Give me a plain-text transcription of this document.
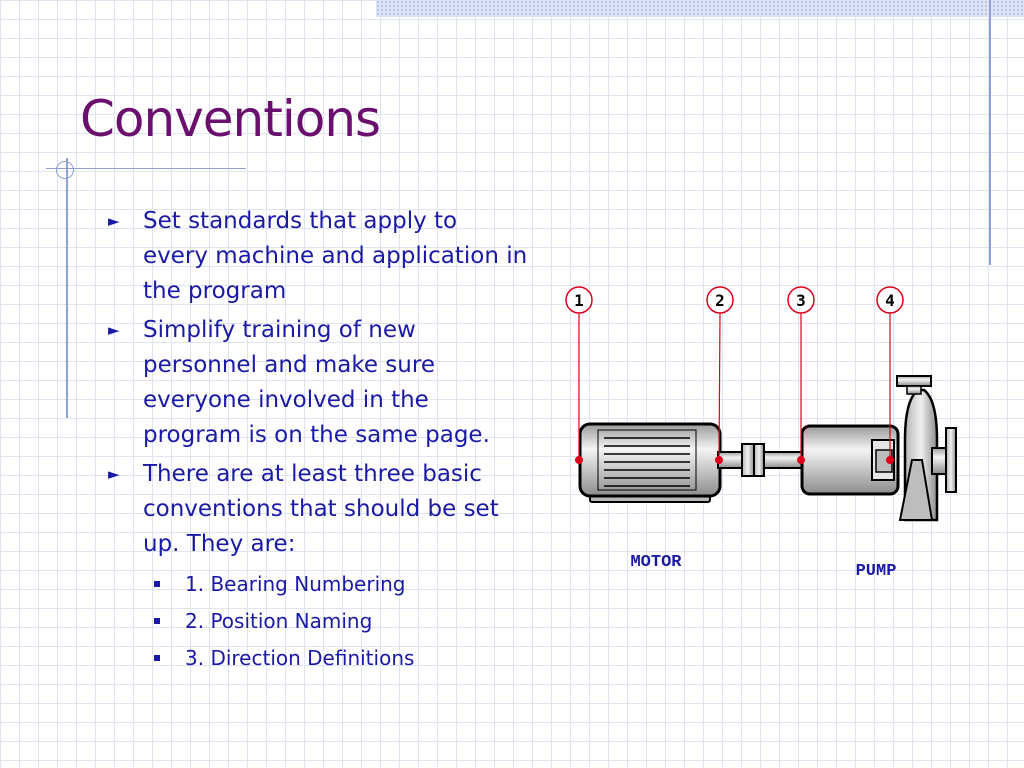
Conventions
► Set standards that apply to every machine and application in the program
► Simplify training of new personnel and make sure everyone involved in the program is on the same page.
► There are at least three basic conventions that should be set up. They are:
1. Bearing Numbering
2. Position Naming
3. Direction Definitions
1	2	3	4
MOTOR	PUMP
